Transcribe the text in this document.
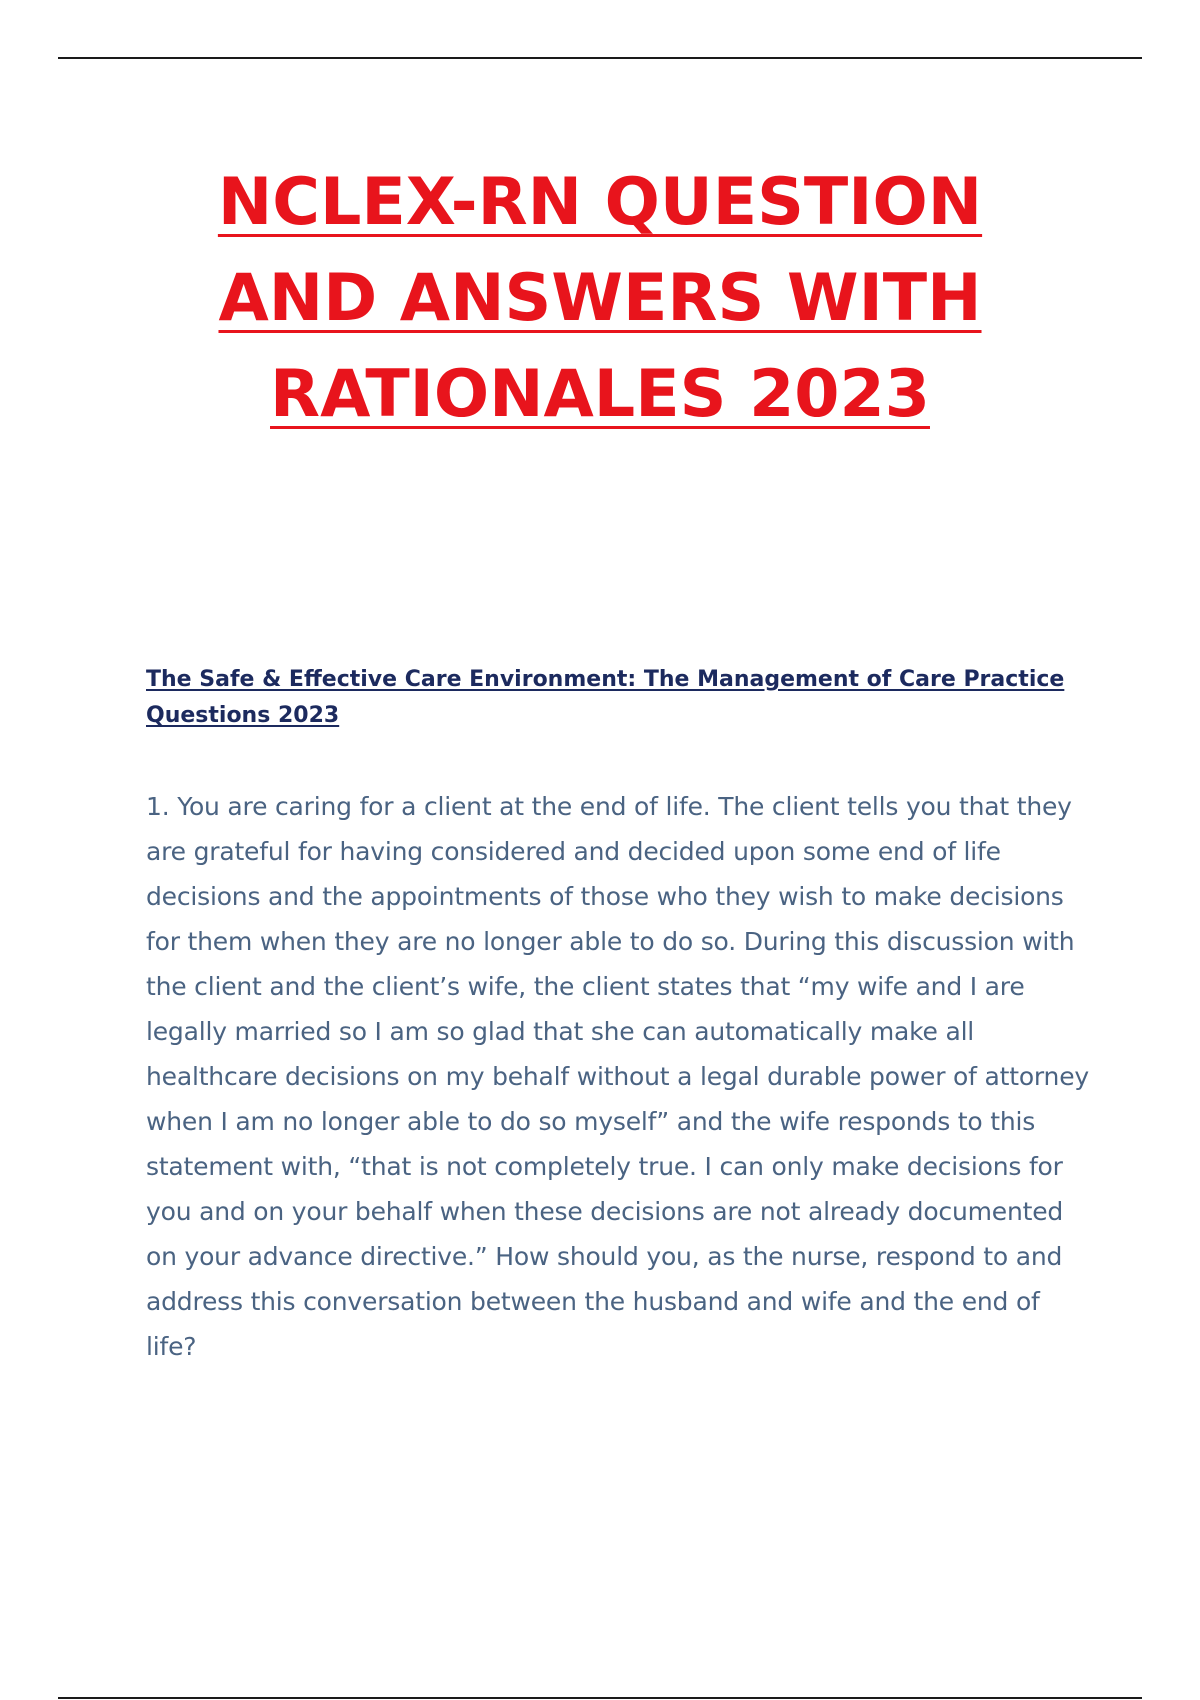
NCLEX-RN QUESTION
AND ANSWERS WITH
RATIONALES 2023
The Safe & Effective Care Environment: The Management of Care Practice Questions 2023

1. You are caring for a client at the end of life. The client tells you that they are grateful for having considered and decided upon some end of life decisions and the appointments of those who they wish to make decisions for them when they are no longer able to do so. During this discussion with the client and the client’s wife, the client states that “my wife and I are legally married so I am so glad that she can automatically make all healthcare decisions on my behalf without a legal durable power of attorney when I am no longer able to do so myself” and the wife responds to this statement with, “that is not completely true. I can only make decisions for you and on your behalf when these decisions are not already documented on your advance directive.” How should you, as the nurse, respond to and address this conversation between the husband and wife and the end of life?
